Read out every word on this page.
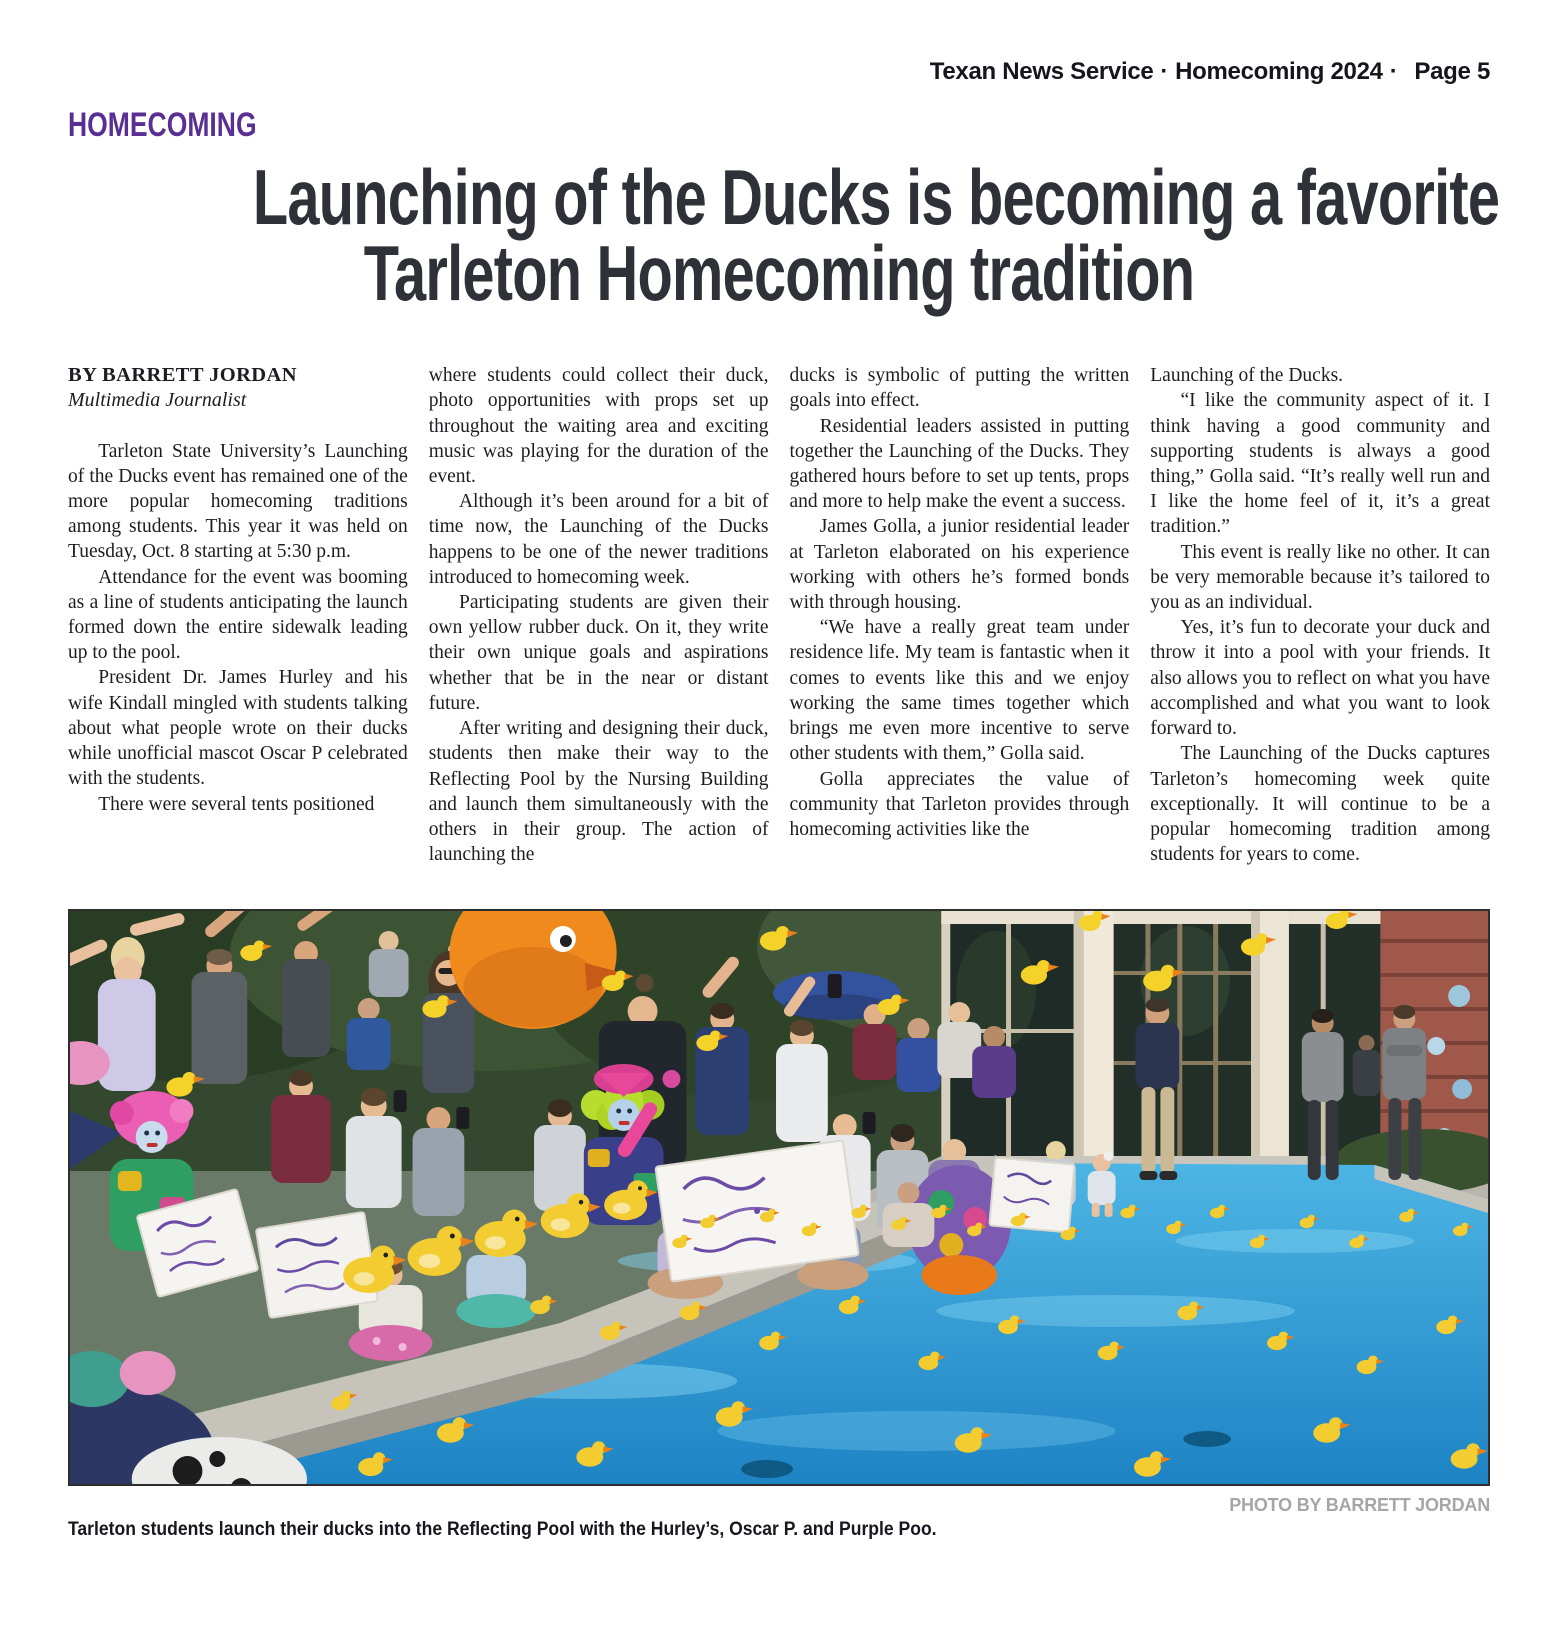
Texan News Service · Homecoming 2024 · Page 5
HOMECOMING
Launching of the Ducks is becoming a favorite
Tarleton Homecoming tradition
BY BARRETT JORDAN
Multimedia Journalist

Tarleton State University’s Launching of the Ducks event has remained one of the more popular homecoming traditions among students. This year it was held on Tuesday, Oct. 8 starting at 5:30 p.m.

Attendance for the event was booming as a line of students anticipating the launch formed down the entire sidewalk leading up to the pool.

President Dr. James Hurley and his wife Kindall mingled with students talking about what people wrote on their ducks while unofficial mascot Oscar P celebrated with the students.

There were several tents positioned

where students could collect their duck, photo opportunities with props set up throughout the waiting area and exciting music was playing for the duration of the event.

Although it’s been around for a bit of time now, the Launching of the Ducks happens to be one of the newer traditions introduced to homecoming week.

Participating students are given their own yellow rubber duck. On it, they write their own unique goals and aspirations whether that be in the near or distant future.

After writing and designing their duck, students then make their way to the Reflecting Pool by the Nursing Building and launch them simultaneously with the others in their group. The action of launching the

ducks is symbolic of putting the written goals into effect.

Residential leaders assisted in putting together the Launching of the Ducks. They gathered hours before to set up tents, props and more to help make the event a success.

James Golla, a junior residential leader at Tarleton elaborated on his experience working with others he’s formed bonds with through housing.

“We have a really great team under residence life. My team is fantastic when it comes to events like this and we enjoy working the same times together which brings me even more incentive to serve other students with them,” Golla said.

Golla appreciates the value of community that Tarleton provides through homecoming activities like the

Launching of the Ducks.

“I like the community aspect of it. I think having a good community and supporting students is always a good thing,” Golla said. “It’s really well run and I like the home feel of it, it’s a great tradition.”

This event is really like no other. It can be very memorable because it’s tailored to you as an individual.

Yes, it’s fun to decorate your duck and throw it into a pool with your friends. It also allows you to reflect on what you have accomplished and what you want to look forward to.

The Launching of the Ducks captures Tarleton’s homecoming week quite exceptionally. It will continue to be a popular homecoming tradition among students for years to come.

PHOTO BY BARRETT JORDAN
Tarleton students launch their ducks into the Reflecting Pool with the Hurley’s, Oscar P. and Purple Poo.
